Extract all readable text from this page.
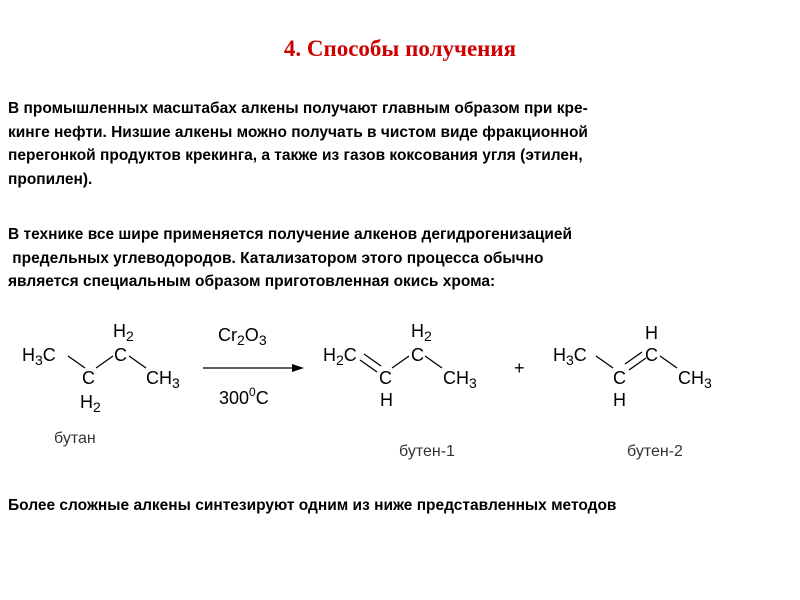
4. Способы получения
В промышленных масштабах алкены получают главным образом при кре-
кинге нефти. Низшие алкены можно получать в чистом виде фракционной
перегонкой продуктов крекинга, а также из газов коксования угля (этилен,
пропилен).
В технике все шире применяется получение алкенов дегидрогенизацией
предельных углеводородов. Катализатором этого процесса обычно
является специальным образом приготовленная окись хрома:
$H_3C$
C
$H_2$
C
$CH_3$
$H_2$
бутан
$Cr_2O_3$
$300^0C$
$H_2C$
C
H
$H_2$
C
$CH_3$
бутен-1
+
$H_3C$
C
H
H
C
$CH_3$
бутен-2
Более сложные алкены синтезируют одним из ниже представленных методов
